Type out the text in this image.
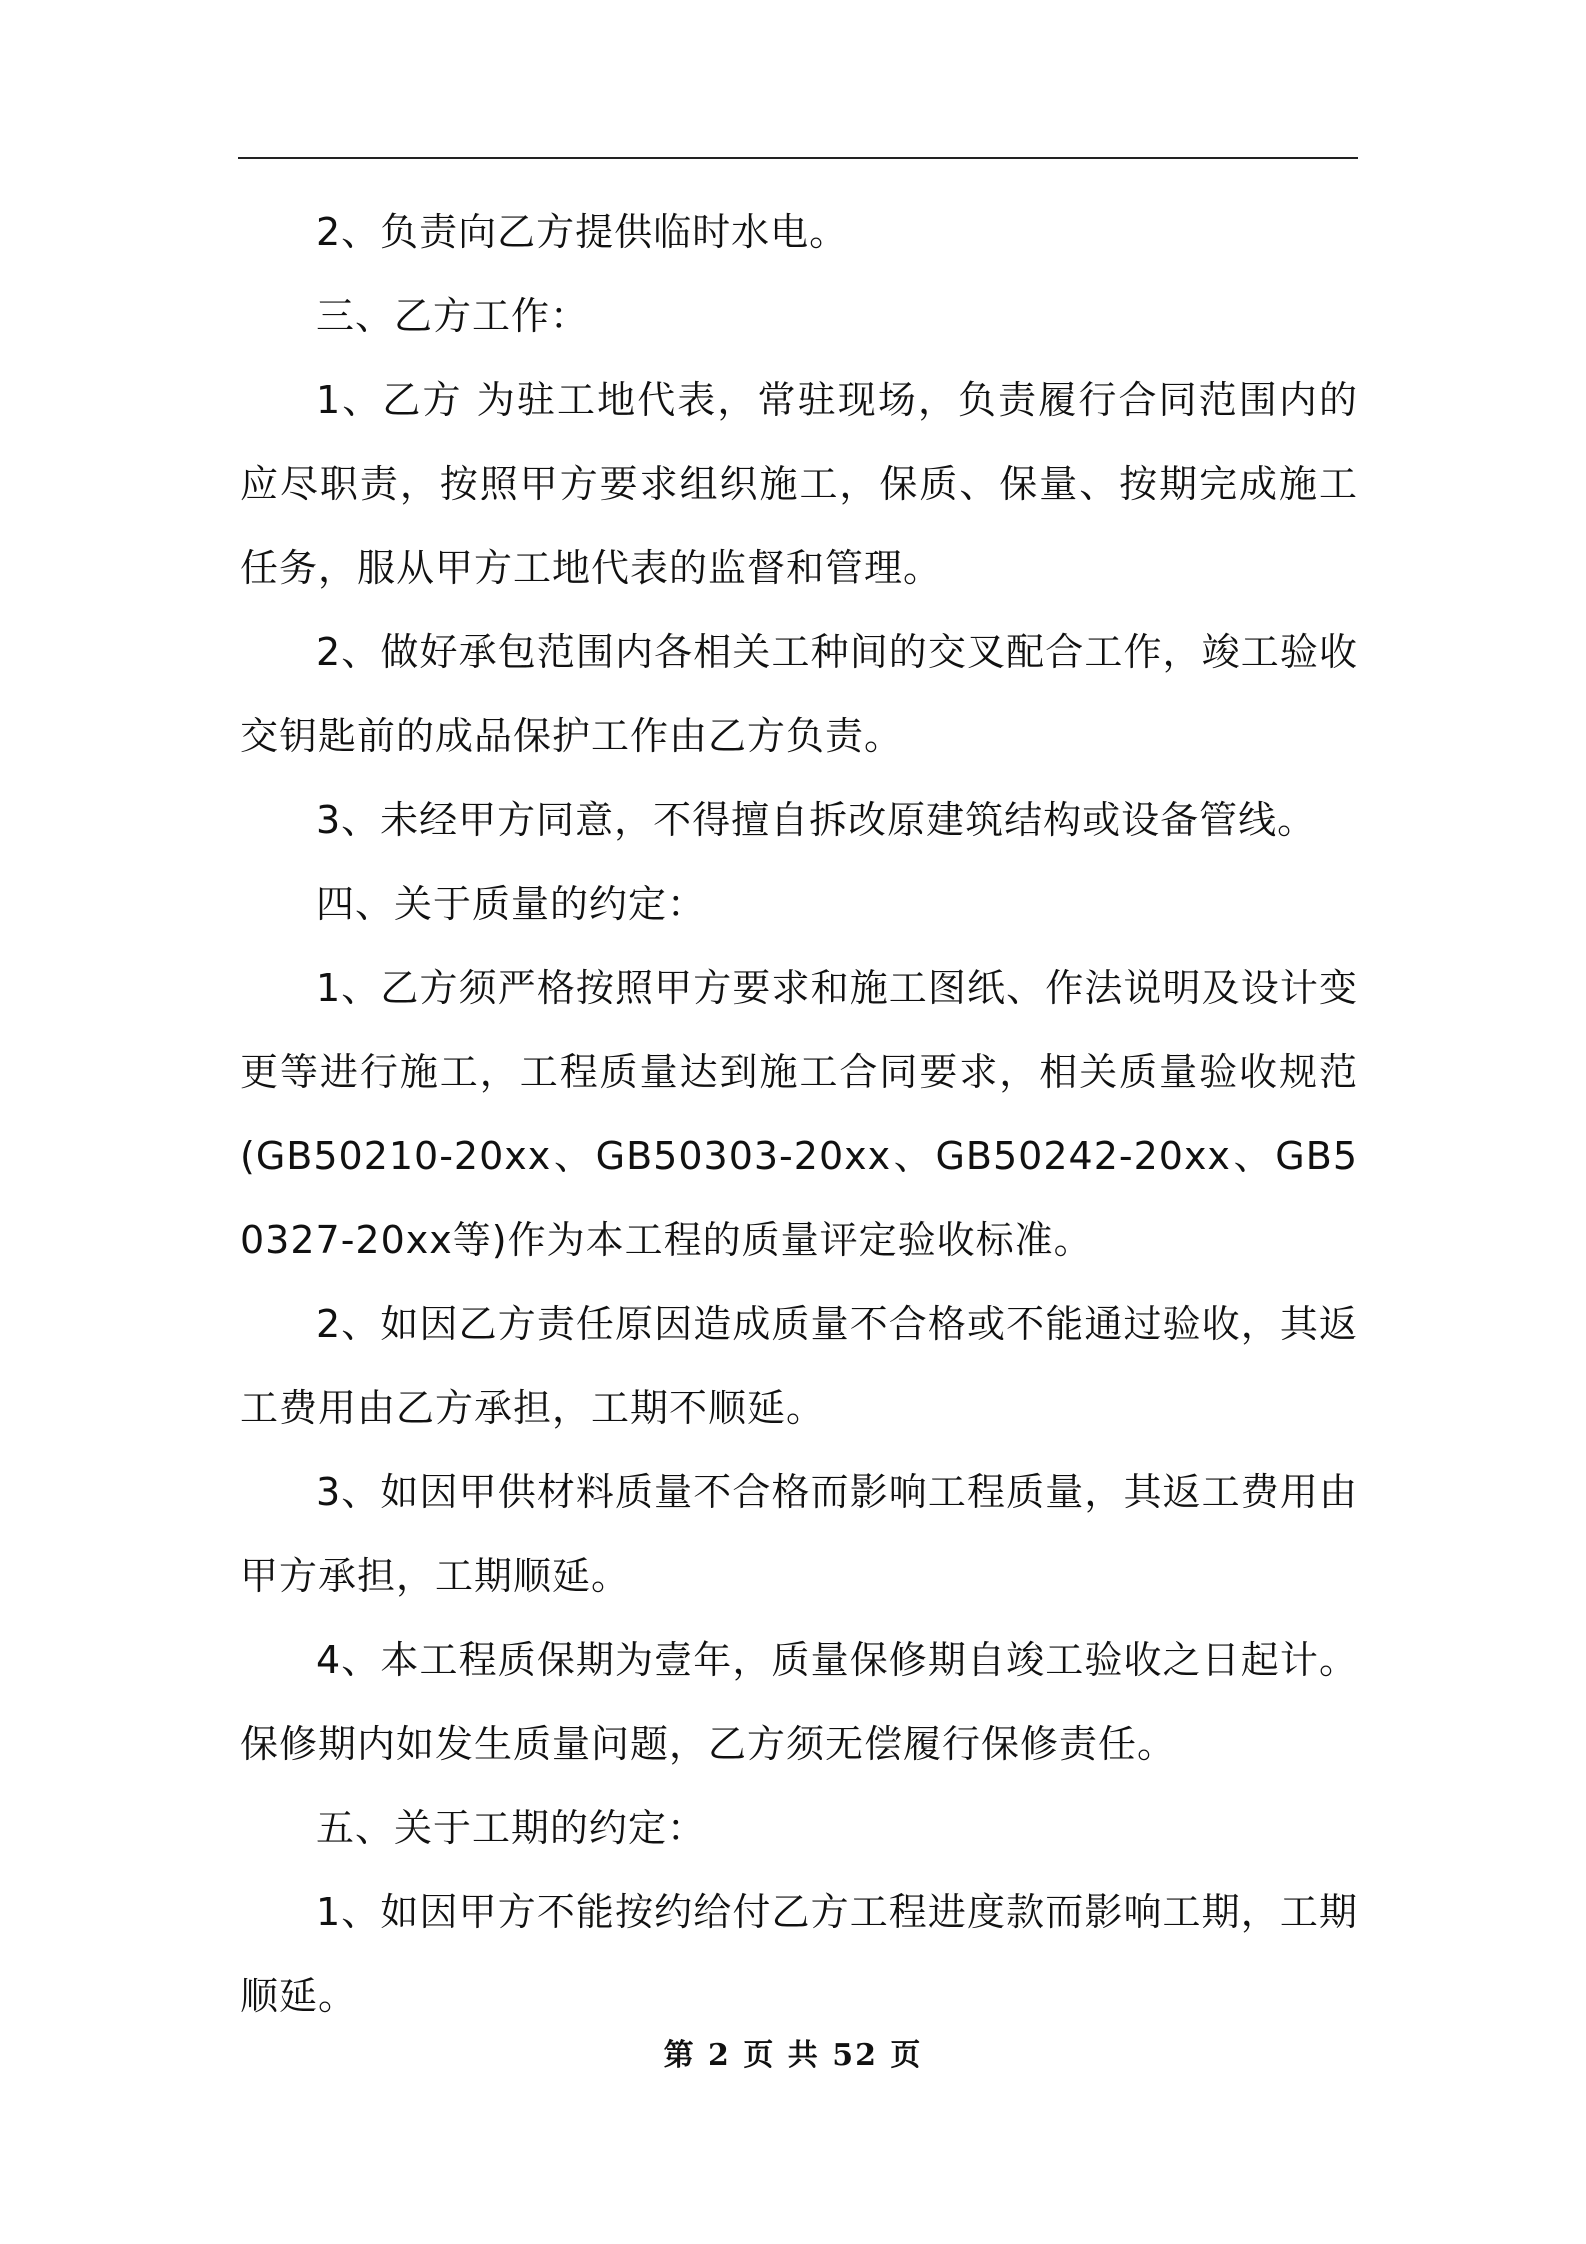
2、负责向乙方提供临时水电。

三、乙方工作：

1、乙方 为驻工地代表，常驻现场，负责履行合同范围内的应尽职责，按照甲方要求组织施工，保质、保量、按期完成施工任务，服从甲方工地代表的监督和管理。

2、做好承包范围内各相关工种间的交叉配合工作，竣工验收交钥匙前的成品保护工作由乙方负责。

3、未经甲方同意，不得擅自拆改原建筑结构或设备管线。

四、关于质量的约定：

1、乙方须严格按照甲方要求和施工图纸、作法说明及设计变更等进行施工，工程质量达到施工合同要求，相关质量验收规范(GB50210-20xx、GB50303-20xx、GB50242-20xx、GB50327-20xx等)作为本工程的质量评定验收标准。

2、如因乙方责任原因造成质量不合格或不能通过验收，其返工费用由乙方承担，工期不顺延。

3、如因甲供材料质量不合格而影响工程质量，其返工费用由甲方承担，工期顺延。

4、本工程质保期为壹年，质量保修期自竣工验收之日起计。保修期内如发生质量问题，乙方须无偿履行保修责任。

五、关于工期的约定：

1、如因甲方不能按约给付乙方工程进度款而影响工期，工期顺延。

第 2 页 共 52 页
